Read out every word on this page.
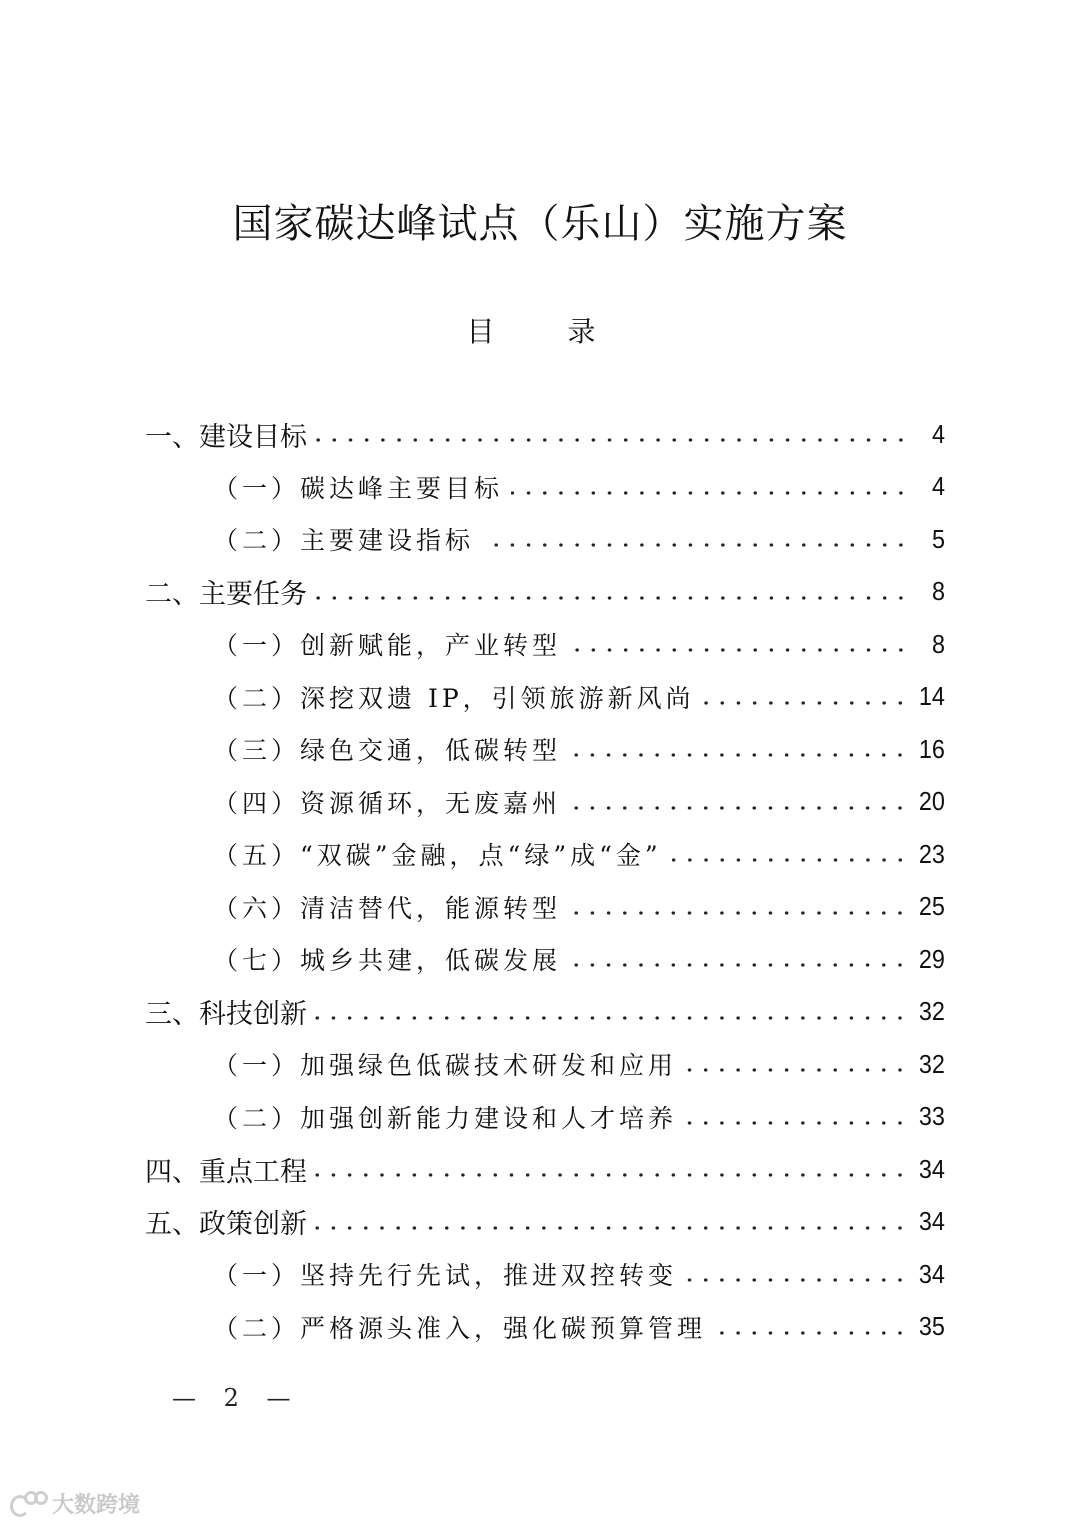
国家碳达峰试点（乐山）实施方案
目 录
一、建设目标	4
（一）碳达峰主要目标	4
（二）主要建设指标	5
二、主要任务	8
（一）创新赋能，产业转型	8
（二）深挖双遗 IP，引领旅游新风尚	14
（三）绿色交通，低碳转型	16
（四）资源循环，无废嘉州	20
（五）“双碳”金融，点“绿”成“金”	23
（六）清洁替代，能源转型	25
（七）城乡共建，低碳发展	29
三、科技创新	32
（一）加强绿色低碳技术研发和应用	32
（二）加强创新能力建设和人才培养	33
四、重点工程	34
五、政策创新	34
（一）坚持先行先试，推进双控转变	34
（二）严格源头准入，强化碳预算管理	35
— 2 —
大数跨境
